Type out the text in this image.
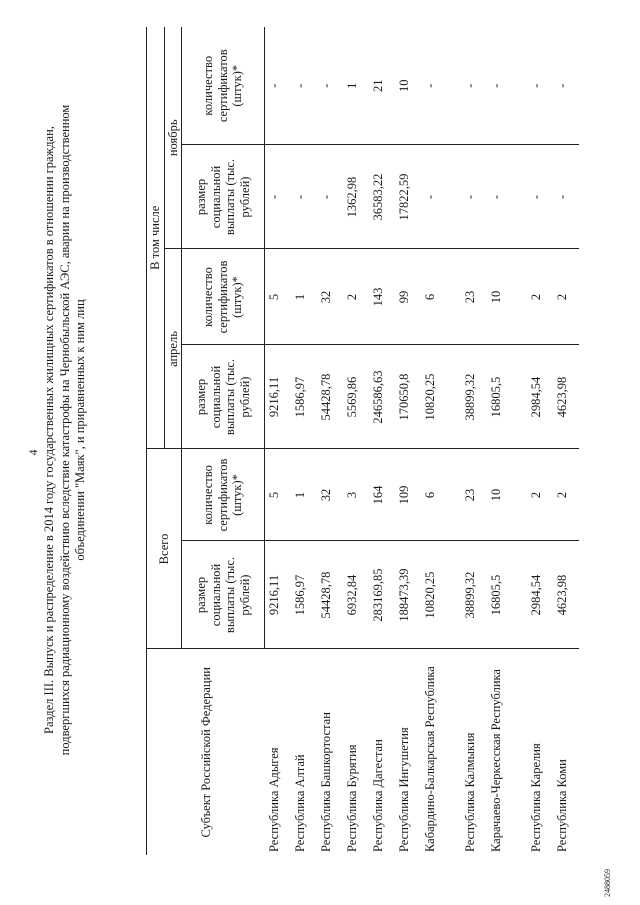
4 Раздел III. Выпуск и распределение в 2014 году государственных жилищных сертификатов в отношении граждан, подвергшихся радиационному воздействию вследствие катастрофы на Чернобыльской АЭС, аварии на производственном объединении "Маяк", и приравненных к ним лиц
Субъект Российской Федерации	Всего		В том числе			
			апрель		ноябрь	
	размер социальной выплаты (тыс. рублей)	количество сертификатов (штук)*	размер социальной выплаты (тыс. рублей)	количество сертификатов (штук)*	размер социальной выплаты (тыс. рублей)	количество сертификатов (штук)*
Республика Адыгея	9216,11	5	9216,11	5	-	-
Республика Алтай	1586,97	1	1586,97	1	-	-
Республика Башкортостан	54428,78	32	54428,78	32	-	-
Республика Бурятия	6932,84	3	5569,86	2	1362,98	1
Республика Дагестан	283169,85	164	246586,63	143	36583,22	21
Республика Ингушетия	188473,39	109	170650,8	99	17822,59	10
Кабардино-Балкарская Республика	10820,25	6	10820,25	6	-	-
Республика Калмыкия	38899,32	23	38899,32	23	-	-
Карачаево-Черкесская Республика	16805,5	10	16805,5	10	-	-
Республика Карелия	2984,54	2	2984,54	2	-	-
Республика Коми	4623,98	2	4623,98	2	-	-
2488059
